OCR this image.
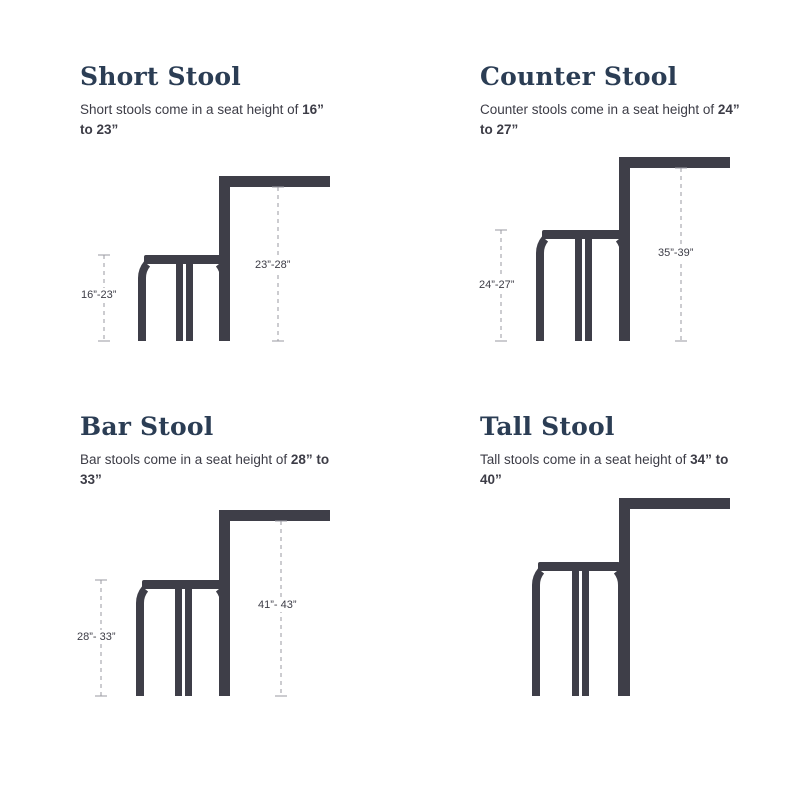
Short Stool
Short stools come in a seat height of 16” to 23”
16”-23”
23”-28”
Counter Stool
Counter stools come in a seat height of 24” to 27”
24”-27”
35”-39”
Bar Stool
Bar stools come in a seat height of 28” to 33”
28”- 33”
41”- 43”
Tall Stool
Tall stools come in a seat height of 34” to 40”
